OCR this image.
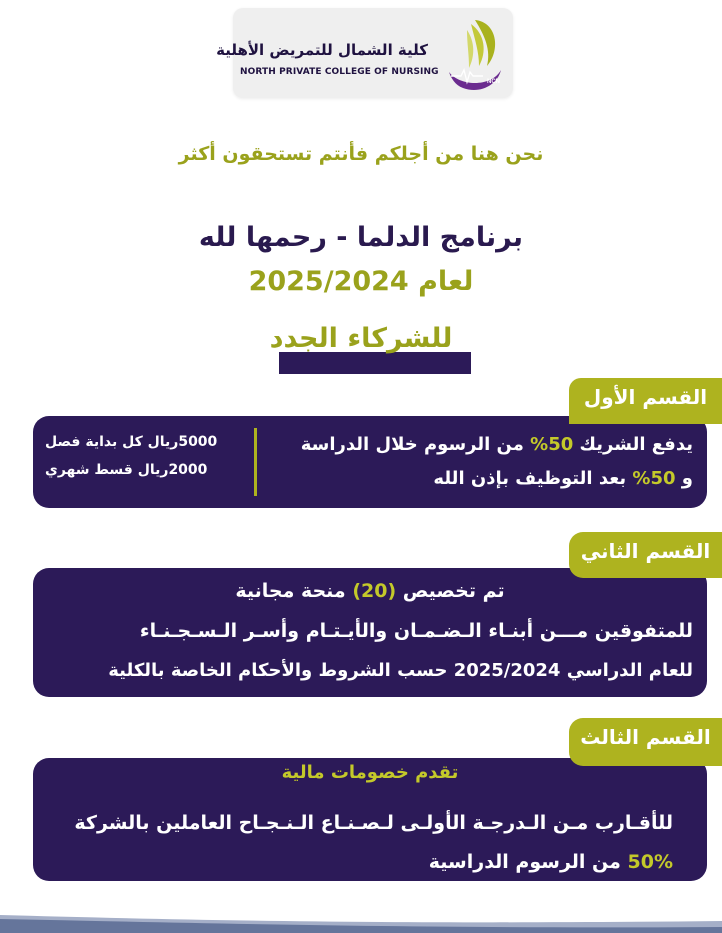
كلية الشمال للتمريض الأهلية
NORTH PRIVATE COLLEGE OF NURSING
NCN
نحن هنا من أجلكم فأنتم تستحقون أكثر
برنامج الدلما - رحمها لله
لعام 2025/2024
للشركاء الجدد
يدفع الشريك 50% من الرسوم خلال الدراسة
و 50% بعد التوظيف بإذن الله
5000ريال كل بداية فصل
2000ريال قسط شهري
القسم الأول
تم تخصيص (20) منحة مجانية
للمتفوقين مـــن أبنـاء الـضـمـان والأيـتـام وأسـر الـسـجـنـاء
للعام الدراسي 2025/2024 حسب الشروط والأحكام الخاصة بالكلية
القسم الثاني
تقدم خصومات مالية
للأقـارب مـن الـدرجـة الأولـى لـصـنـاع الـنـجـاح العاملين بالشركة
50% من الرسوم الدراسية
القسم الثالث
